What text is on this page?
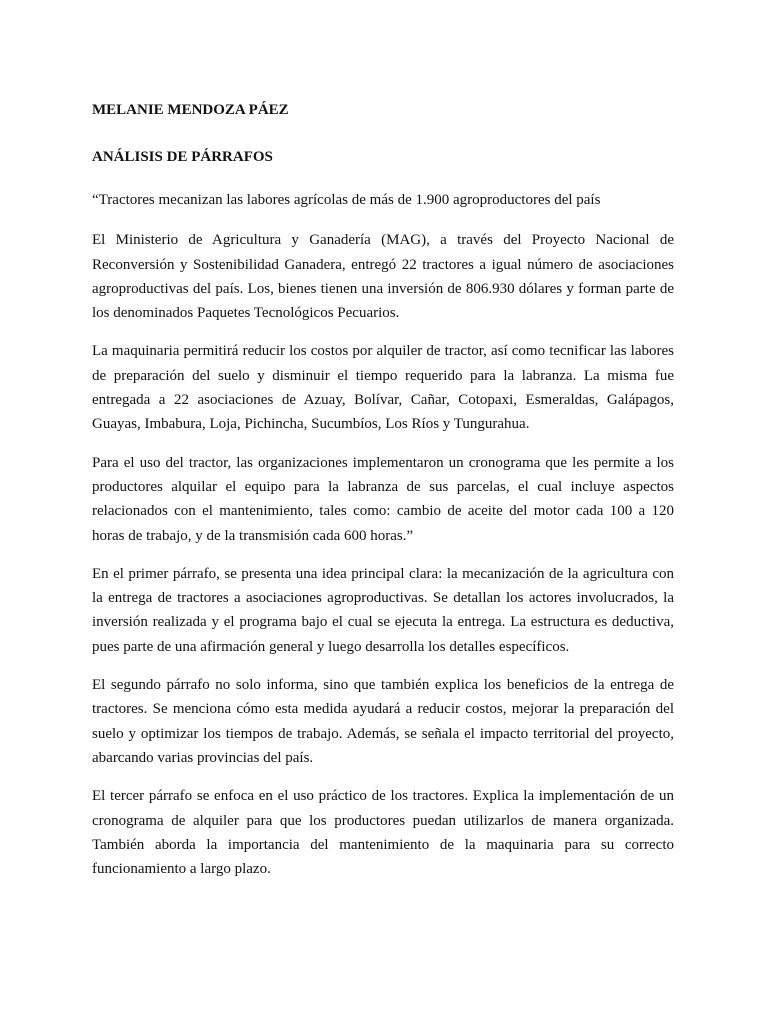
MELANIE MENDOZA PÁEZ

ANÁLISIS DE PÁRRAFOS

“Tractores mecanizan las labores agrícolas de más de 1.900 agroproductores del país

El Ministerio de Agricultura y Ganadería (MAG), a través del Proyecto Nacional de Reconversión y Sostenibilidad Ganadera, entregó 22 tractores a igual número de asociaciones agroproductivas del país. Los, bienes tienen una inversión de 806.930 dólares y forman parte de los denominados Paquetes Tecnológicos Pecuarios.

La maquinaria permitirá reducir los costos por alquiler de tractor, así como tecnificar las labores de preparación del suelo y disminuir el tiempo requerido para la labranza. La misma fue entregada a 22 asociaciones de Azuay, Bolívar, Cañar, Cotopaxi, Esmeraldas, Galápagos, Guayas, Imbabura, Loja, Pichincha, Sucumbíos, Los Ríos y Tungurahua.

Para el uso del tractor, las organizaciones implementaron un cronograma que les permite a los productores alquilar el equipo para la labranza de sus parcelas, el cual incluye aspectos relacionados con el mantenimiento, tales como: cambio de aceite del motor cada 100 a 120 horas de trabajo, y de la transmisión cada 600 horas.”

En el primer párrafo, se presenta una idea principal clara: la mecanización de la agricultura con la entrega de tractores a asociaciones agroproductivas. Se detallan los actores involucrados, la inversión realizada y el programa bajo el cual se ejecuta la entrega. La estructura es deductiva, pues parte de una afirmación general y luego desarrolla los detalles específicos.

El segundo párrafo no solo informa, sino que también explica los beneficios de la entrega de tractores. Se menciona cómo esta medida ayudará a reducir costos, mejorar la preparación del suelo y optimizar los tiempos de trabajo. Además, se señala el impacto territorial del proyecto, abarcando varias provincias del país.

El tercer párrafo se enfoca en el uso práctico de los tractores. Explica la implementación de un cronograma de alquiler para que los productores puedan utilizarlos de manera organizada. También aborda la importancia del mantenimiento de la maquinaria para su correcto funcionamiento a largo plazo.
